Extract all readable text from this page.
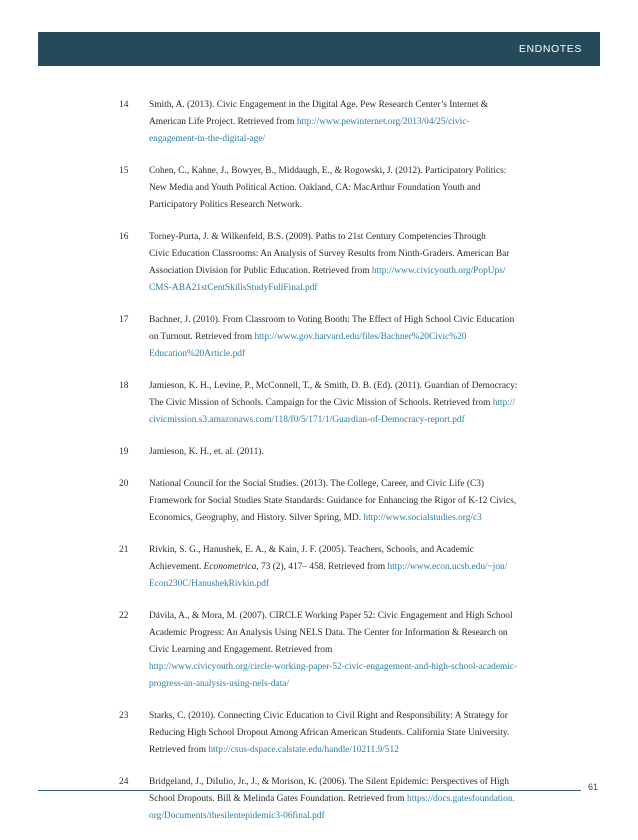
ENDNOTES
14 Smith, A. (2013). Civic Engagement in the Digital Age. Pew Research Center’s Internet &
American Life Project. Retrieved from http://www.pewinternet.org/2013/04/25/civic-
engagement-in-the-digital-age/
15 Cohen, C., Kahne, J., Bowyer, B., Middaugh, E., & Rogowski, J. (2012). Participatory Politics:
New Media and Youth Political Action. Oakland, CA: MacArthur Foundation Youth and
Participatory Politics Research Network.
16 Torney-Purta, J. & Wilkenfeld, B.S. (2009). Paths to 21st Century Competencies Through
Civic Education Classrooms: An Analysis of Survey Results from Ninth-Graders. American Bar
Association Division for Public Education. Retrieved from http://www.civicyouth.org/PopUps/
CMS-ABA21stCentSkillsStudyFullFinal.pdf
17 Bachner, J. (2010). From Classroom to Voting Booth: The Effect of High School Civic Education
on Turnout. Retrieved from http://www.gov.harvard.edu/files/Bachner%20Civic%20
Education%20Article.pdf
18 Jamieson, K. H., Levine, P., McConnell, T., & Smith, D. B. (Ed). (2011). Guardian of Democracy:
The Civic Mission of Schools. Campaign for the Civic Mission of Schools. Retrieved from http://
civicmission.s3.amazonaws.com/118/f0/5/171/1/Guardian-of-Democracy-report.pdf
19 Jamieson, K. H., et. al. (2011).
20 National Council for the Social Studies. (2013). The College, Career, and Civic Life (C3)
Framework for Social Studies State Standards: Guidance for Enhancing the Rigor of K-12 Civics,
Economics, Geography, and History. Silver Spring, MD. http://www.socialstudies.org/c3
21 Rivkin, S. G., Hanushek, E. A., & Kain, J. F. (2005). Teachers, Schools, and Academic
Achievement. Econometrica, 73 (2), 417– 458. Retrieved from http://www.econ.ucsb.edu/~jon/
Econ230C/HanushekRivkin.pdf
22 Dávila, A., & Mora, M. (2007). CIRCLE Working Paper 52: Civic Engagement and High School
Academic Progress: An Analysis Using NELS Data. The Center for Information & Research on
Civic Learning and Engagement. Retrieved from
http://www.civicyouth.org/circle-working-paper-52-civic-engagement-and-high-school-academic-
progress-an-analysis-using-nels-data/
23 Starks, C. (2010). Connecting Civic Education to Civil Right and Responsibility: A Strategy for
Reducing High School Dropout Among African American Students. California State University.
Retrieved from http://csus-dspace.calstate.edu/handle/10211.9/512
24 Bridgeland, J., DiIulio, Jr., J., & Morison, K. (2006). The Silent Epidemic: Perspectives of High
School Dropouts. Bill & Melinda Gates Foundation. Retrieved from https://docs.gatesfoundation.
org/Documents/thesilentepidemic3-06final.pdf
61
